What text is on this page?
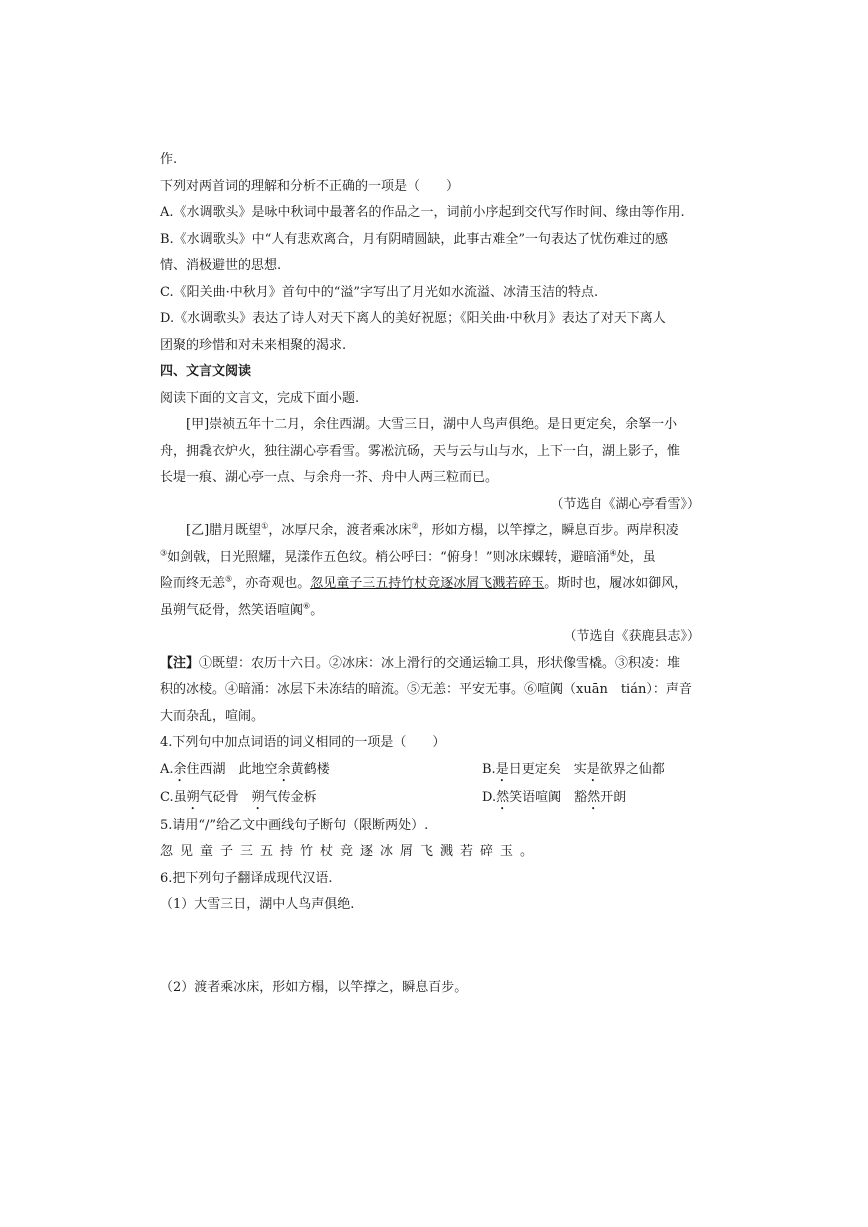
作.
下列对两首词的理解和分析不正确的一项是（　　）
A.《水调歌头》是咏中秋词中最著名的作品之一，词前小序起到交代写作时间、缘由等作用.
B.《水调歌头》中“人有悲欢离合，月有阴晴圆缺，此事古难全”一句表达了忧伤难过的感
情、消极避世的思想.
C.《阳关曲·中秋月》首句中的“溢”字写出了月光如水流溢、冰清玉洁的特点.
D.《水调歌头》表达了诗人对天下离人的美好祝愿；《阳关曲·中秋月》表达了对天下离人
团聚的珍惜和对未来相聚的渴求.
四、文言文阅读
阅读下面的文言文，完成下面小题.
[甲]崇祯五年十二月，余住西湖。大雪三日，湖中人鸟声俱绝。是日更定矣，余拏一小
舟，拥毳衣炉火，独往湖心亭看雪。雾凇沆砀，天与云与山与水，上下一白，湖上影子，惟
长堤一痕、湖心亭一点、与余舟一芥、舟中人两三粒而已。
（节选自《湖心亭看雪》）
[乙]腊月既望①，冰厚尺余，渡者乘冰床②，形如方榻，以竿撑之，瞬息百步。两岸积凌
③如剑戟，日光照耀，晃漾作五色纹。梢公呼曰：“俯身！”则冰床蜾转，避暗涌④处，虽
险而终无恙⑤，亦奇观也。忽见童子三五持竹杖竞逐冰屑飞溅若碎玉。斯时也，履冰如御风，
虽朔气砭骨，然笑语喧阗⑥。
（节选自《获鹿县志》）
【注】①既望：农历十六日。②冰床：冰上滑行的交通运输工具，形状像雪橇。③积凌：堆
积的冰棱。④暗涌：冰层下未冻结的暗流。⑤无恙：平安无事。⑥喧阗（xuān　tián）：声音
大而杂乱，喧闹。
4.下列句中加点词语的词义相同的一项是（　　）
A.余住西湖　此地空余黄鹤楼	B.是日更定矣　实是欲界之仙都
C.虽朔气砭骨　朔气传金柝	D.然笑语喧阗　豁然开朗
5.请用“/”给乙文中画线句子断句（限断两处）.
忽见童子三五持竹杖竞逐冰屑飞溅若碎玉。
6.把下列句子翻译成现代汉语.
（1）大雪三日，湖中人鸟声俱绝.
（2）渡者乘冰床，形如方榻，以竿撑之，瞬息百步。
